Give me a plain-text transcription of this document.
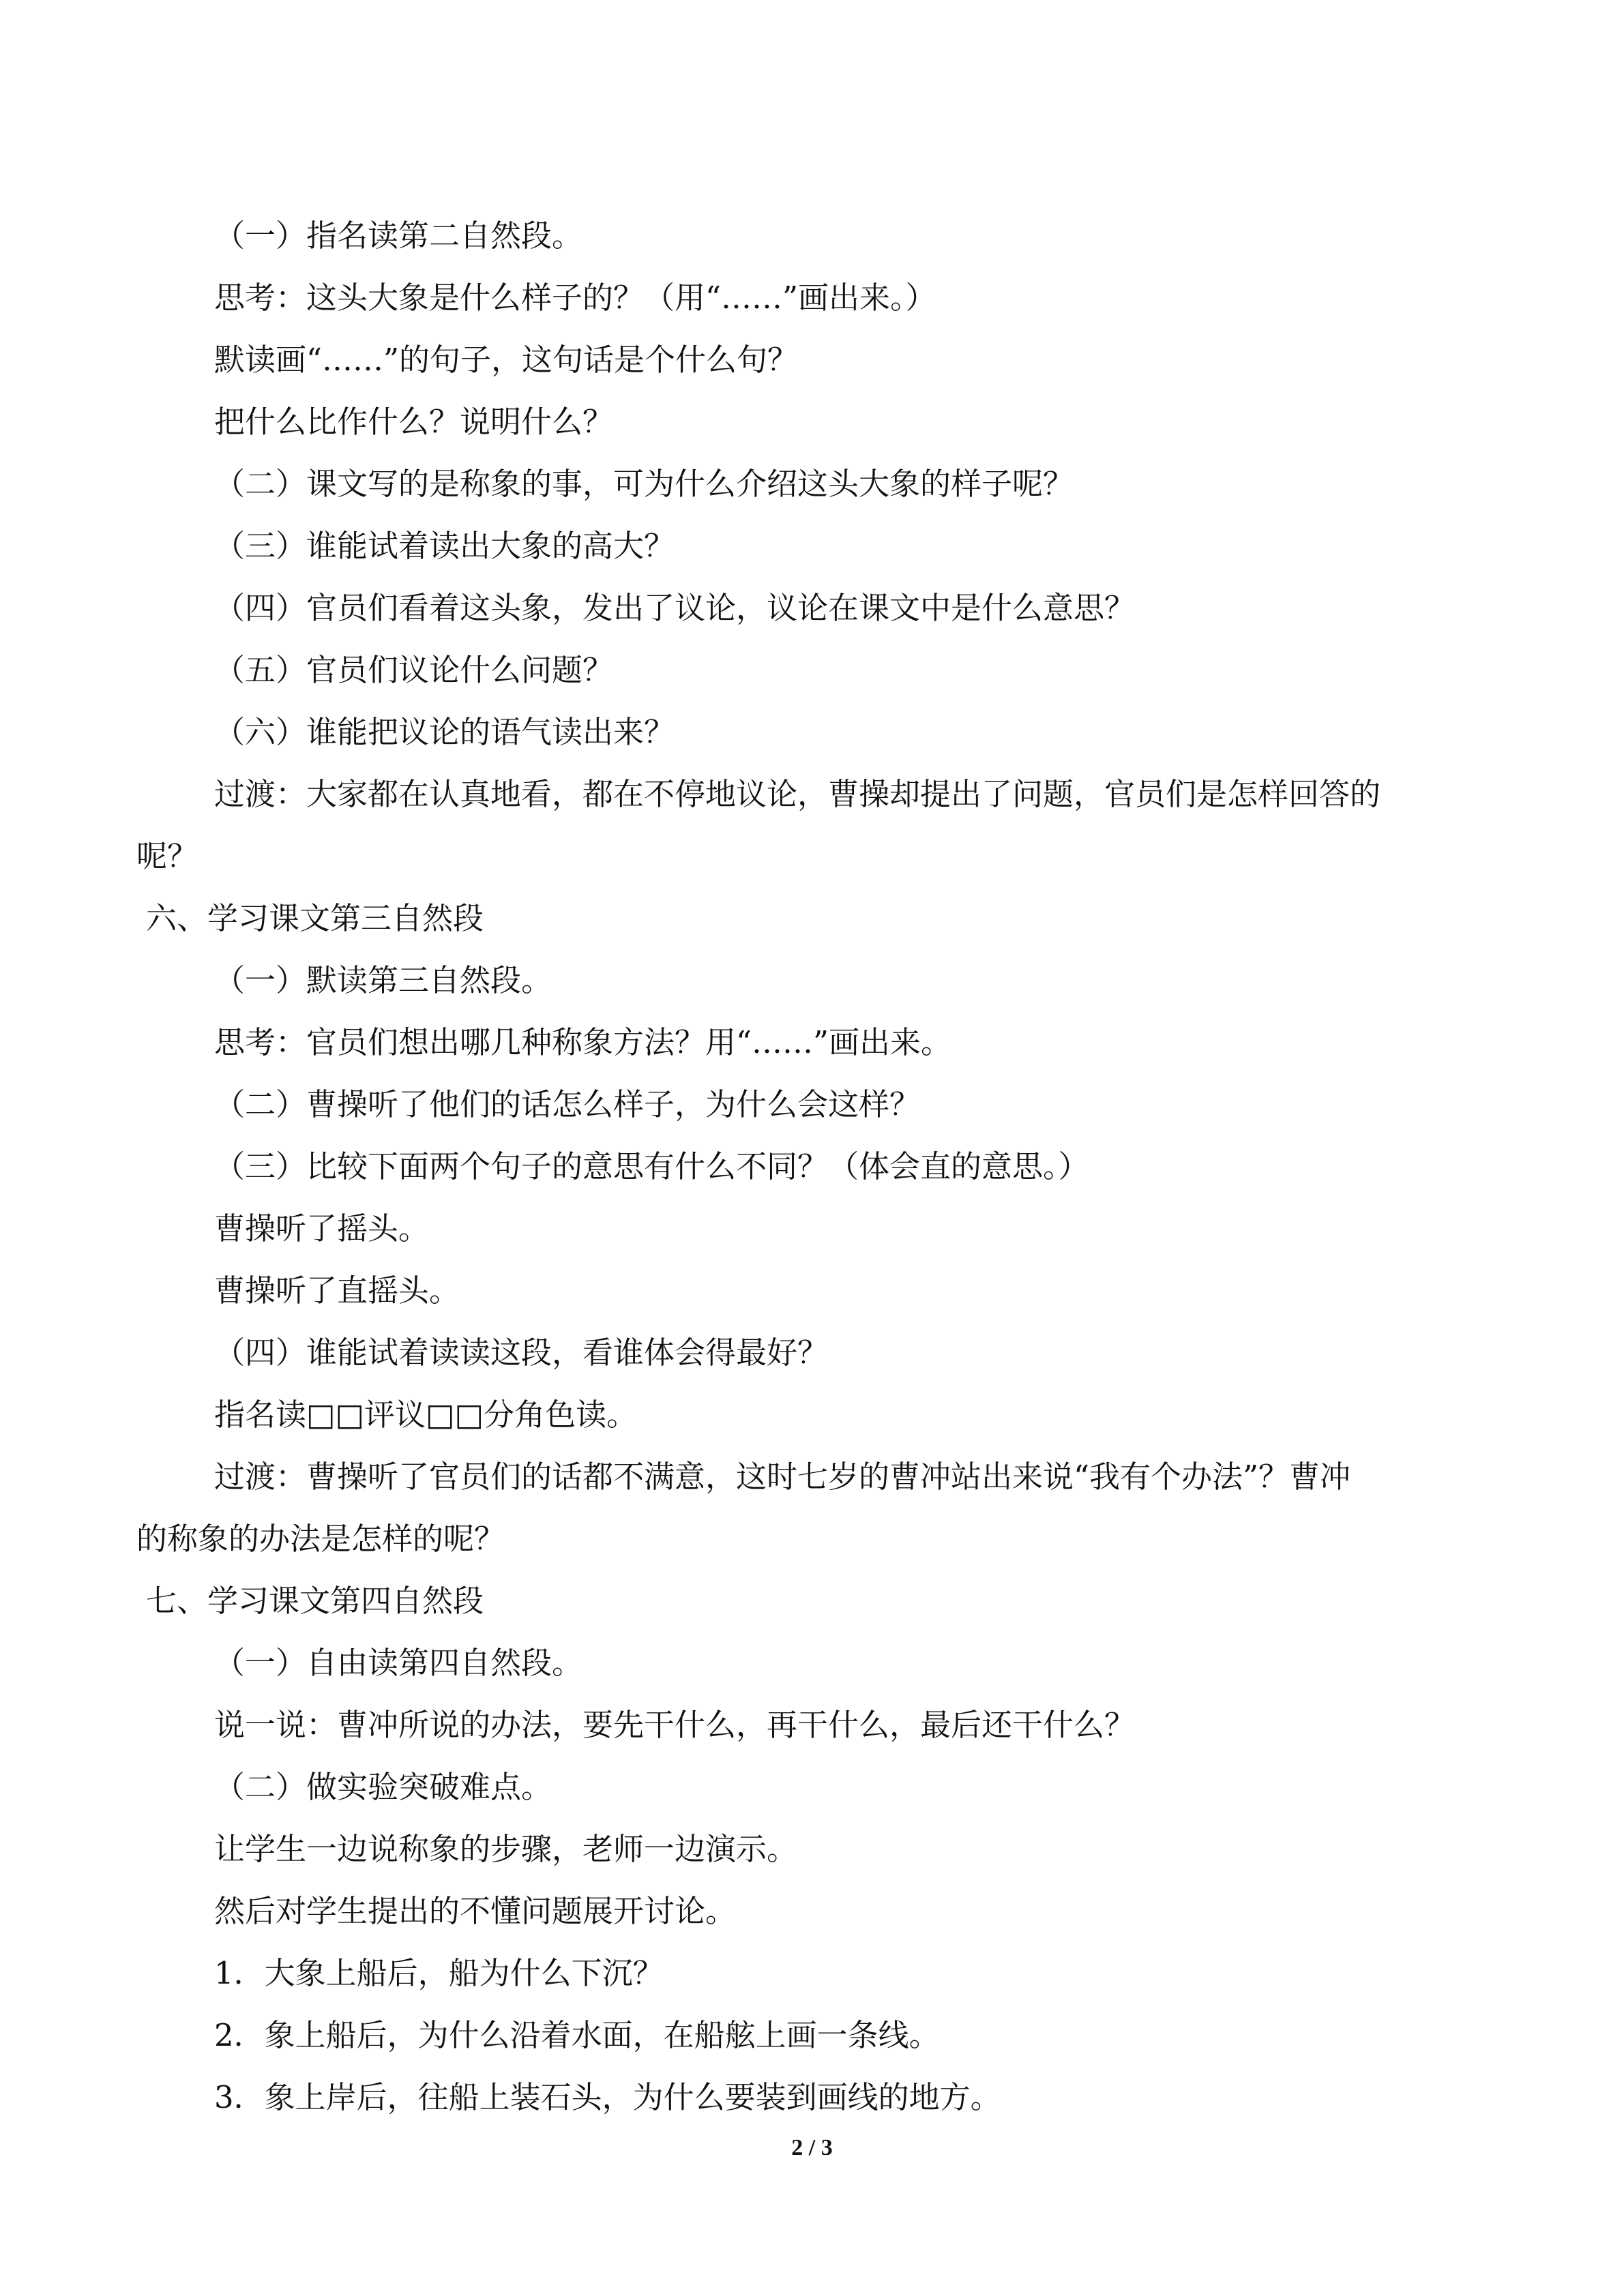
（一）指名读第二自然段。

思考：这头大象是什么样子的？（用“……”画出来。）

默读画“……”的句子，这句话是个什么句？

把什么比作什么？说明什么？

（二）课文写的是称象的事，可为什么介绍这头大象的样子呢？

（三）谁能试着读出大象的高大？

（四）官员们看着这头象，发出了议论，议论在课文中是什么意思？

（五）官员们议论什么问题？

（六）谁能把议论的语气读出来？

过渡：大家都在认真地看，都在不停地议论，曹操却提出了问题，官员们是怎样回答的

呢？

六、学习课文第三自然段

（一）默读第三自然段。

思考：官员们想出哪几种称象方法？用“……”画出来。

（二）曹操听了他们的话怎么样子，为什么会这样？

（三）比较下面两个句子的意思有什么不同？（体会直的意思。）

曹操听了摇头。

曹操听了直摇头。

（四）谁能试着读读这段，看谁体会得最好？

指名读□□评议□□分角色读。

过渡：曹操听了官员们的话都不满意，这时七岁的曹冲站出来说“我有个办法”？曹冲

的称象的办法是怎样的呢？

七、学习课文第四自然段

（一）自由读第四自然段。

说一说：曹冲所说的办法，要先干什么，再干什么，最后还干什么？

（二）做实验突破难点。

让学生一边说称象的步骤，老师一边演示。

然后对学生提出的不懂问题展开讨论。

1．大象上船后，船为什么下沉？

2．象上船后，为什么沿着水面，在船舷上画一条线。

3．象上岸后，往船上装石头，为什么要装到画线的地方。

2 / 3
